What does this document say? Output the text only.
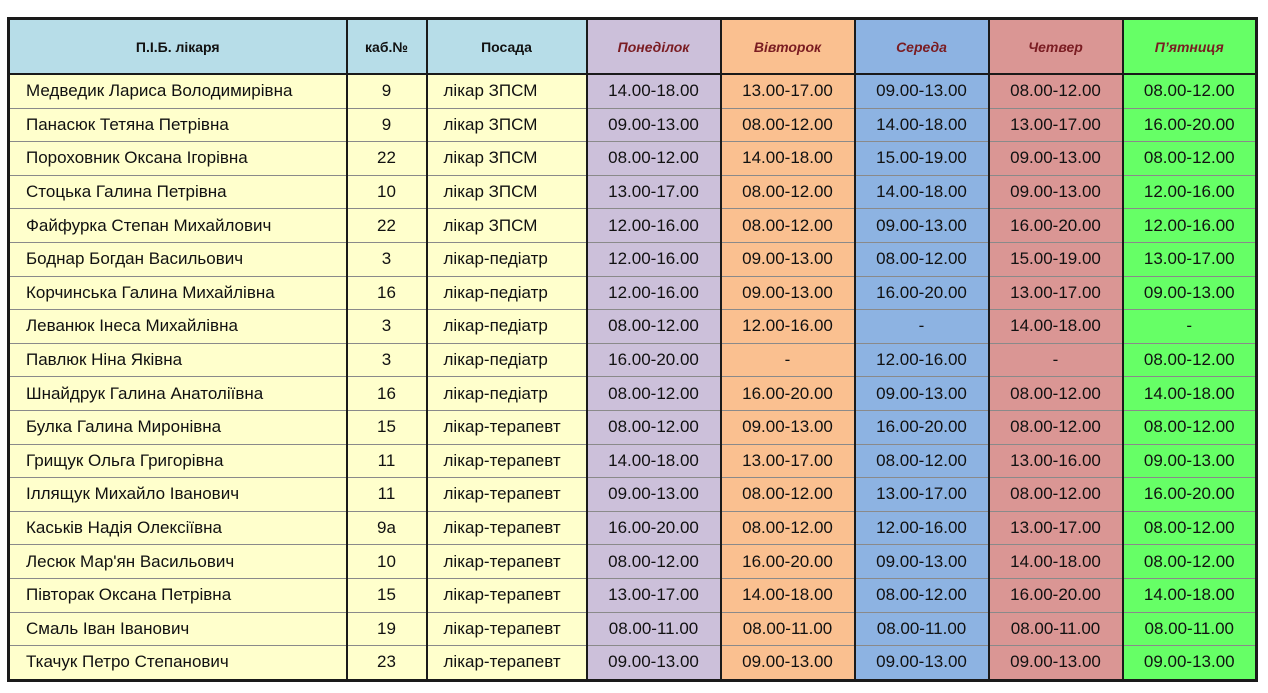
П.І.Б. лікаря	каб.№	Посада	Понеділок	Вівторок	Середа	Четвер	П’ятниця
Медведик Лариса Володимирівна	9	лікар ЗПСМ	14.00-18.00	13.00-17.00	09.00-13.00	08.00-12.00	08.00-12.00
Панасюк Тетяна Петрівна	9	лікар ЗПСМ	09.00-13.00	08.00-12.00	14.00-18.00	13.00-17.00	16.00-20.00
Пороховник Оксана Ігорівна	22	лікар ЗПСМ	08.00-12.00	14.00-18.00	15.00-19.00	09.00-13.00	08.00-12.00
Стоцька Галина Петрівна	10	лікар ЗПСМ	13.00-17.00	08.00-12.00	14.00-18.00	09.00-13.00	12.00-16.00
Файфурка Степан Михайлович	22	лікар ЗПСМ	12.00-16.00	08.00-12.00	09.00-13.00	16.00-20.00	12.00-16.00
Боднар Богдан Васильович	3	лікар-педіатр	12.00-16.00	09.00-13.00	08.00-12.00	15.00-19.00	13.00-17.00
Корчинська Галина Михайлівна	16	лікар-педіатр	12.00-16.00	09.00-13.00	16.00-20.00	13.00-17.00	09.00-13.00
Леванюк Інеса Михайлівна	3	лікар-педіатр	08.00-12.00	12.00-16.00	-	14.00-18.00	-
Павлюк Ніна Яківна	3	лікар-педіатр	16.00-20.00	-	12.00-16.00	-	08.00-12.00
Шнайдрук Галина Анатоліївна	16	лікар-педіатр	08.00-12.00	16.00-20.00	09.00-13.00	08.00-12.00	14.00-18.00
Булка Галина Миронівна	15	лікар-терапевт	08.00-12.00	09.00-13.00	16.00-20.00	08.00-12.00	08.00-12.00
Грищук Ольга Григорівна	11	лікар-терапевт	14.00-18.00	13.00-17.00	08.00-12.00	13.00-16.00	09.00-13.00
Іллящук Михайло Іванович	11	лікар-терапевт	09.00-13.00	08.00-12.00	13.00-17.00	08.00-12.00	16.00-20.00
Каськів Надія Олексіївна	9а	лікар-терапевт	16.00-20.00	08.00-12.00	12.00-16.00	13.00-17.00	08.00-12.00
Лесюк Мар'ян Васильович	10	лікар-терапевт	08.00-12.00	16.00-20.00	09.00-13.00	14.00-18.00	08.00-12.00
Півторак Оксана Петрівна	15	лікар-терапевт	13.00-17.00	14.00-18.00	08.00-12.00	16.00-20.00	14.00-18.00
Смаль Іван Іванович	19	лікар-терапевт	08.00-11.00	08.00-11.00	08.00-11.00	08.00-11.00	08.00-11.00
Ткачук Петро Степанович	23	лікар-терапевт	09.00-13.00	09.00-13.00	09.00-13.00	09.00-13.00	09.00-13.00
